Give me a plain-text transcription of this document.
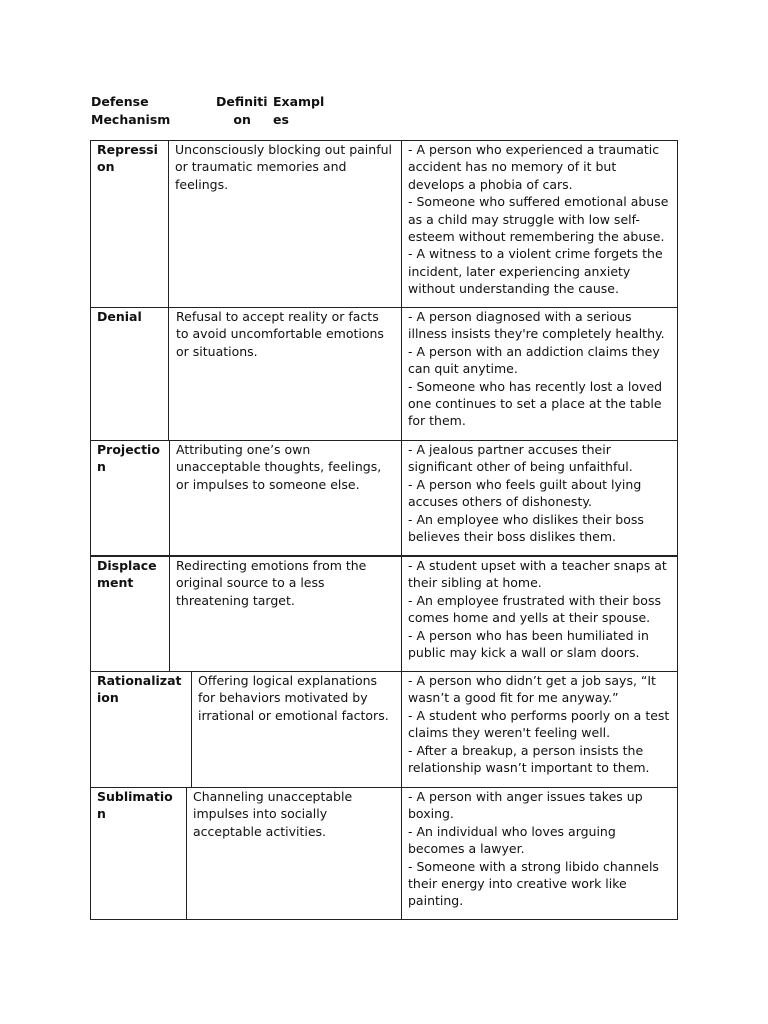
Defense
Mechanism
Definiti
on
Exampl
es
Repressi
on
Unconsciously blocking out painful
or traumatic memories and
feelings.
- A person who experienced a traumatic
accident has no memory of it but
develops a phobia of cars.
- Someone who suffered emotional abuse
as a child may struggle with low self-
esteem without remembering the abuse.
- A witness to a violent crime forgets the
incident, later experiencing anxiety
without understanding the cause.
Denial	Refusal to accept reality or facts
to avoid uncomfortable emotions
or situations.
- A person diagnosed with a serious
illness insists they're completely healthy.
- A person with an addiction claims they
can quit anytime.
- Someone who has recently lost a loved
one continues to set a place at the table
for them.
Projectio
n
Attributing one’s own
unacceptable thoughts, feelings,
or impulses to someone else.
- A jealous partner accuses their
significant other of being unfaithful.
- A person who feels guilt about lying
accuses others of dishonesty.
- An employee who dislikes their boss
believes their boss dislikes them.
Displace
ment
Redirecting emotions from the
original source to a less
threatening target.
- A student upset with a teacher snaps at
their sibling at home.
- An employee frustrated with their boss
comes home and yells at their spouse.
- A person who has been humiliated in
public may kick a wall or slam doors.
Rationalizat
ion
Offering logical explanations
for behaviors motivated by
irrational or emotional factors.
- A person who didn’t get a job says, “It
wasn’t a good fit for me anyway.”
- A student who performs poorly on a test
claims they weren't feeling well.
- After a breakup, a person insists the
relationship wasn’t important to them.
Sublimatio
n
Channeling unacceptable
impulses into socially
acceptable activities.
- A person with anger issues takes up
boxing.
- An individual who loves arguing
becomes a lawyer.
- Someone with a strong libido channels
their energy into creative work like
painting.
